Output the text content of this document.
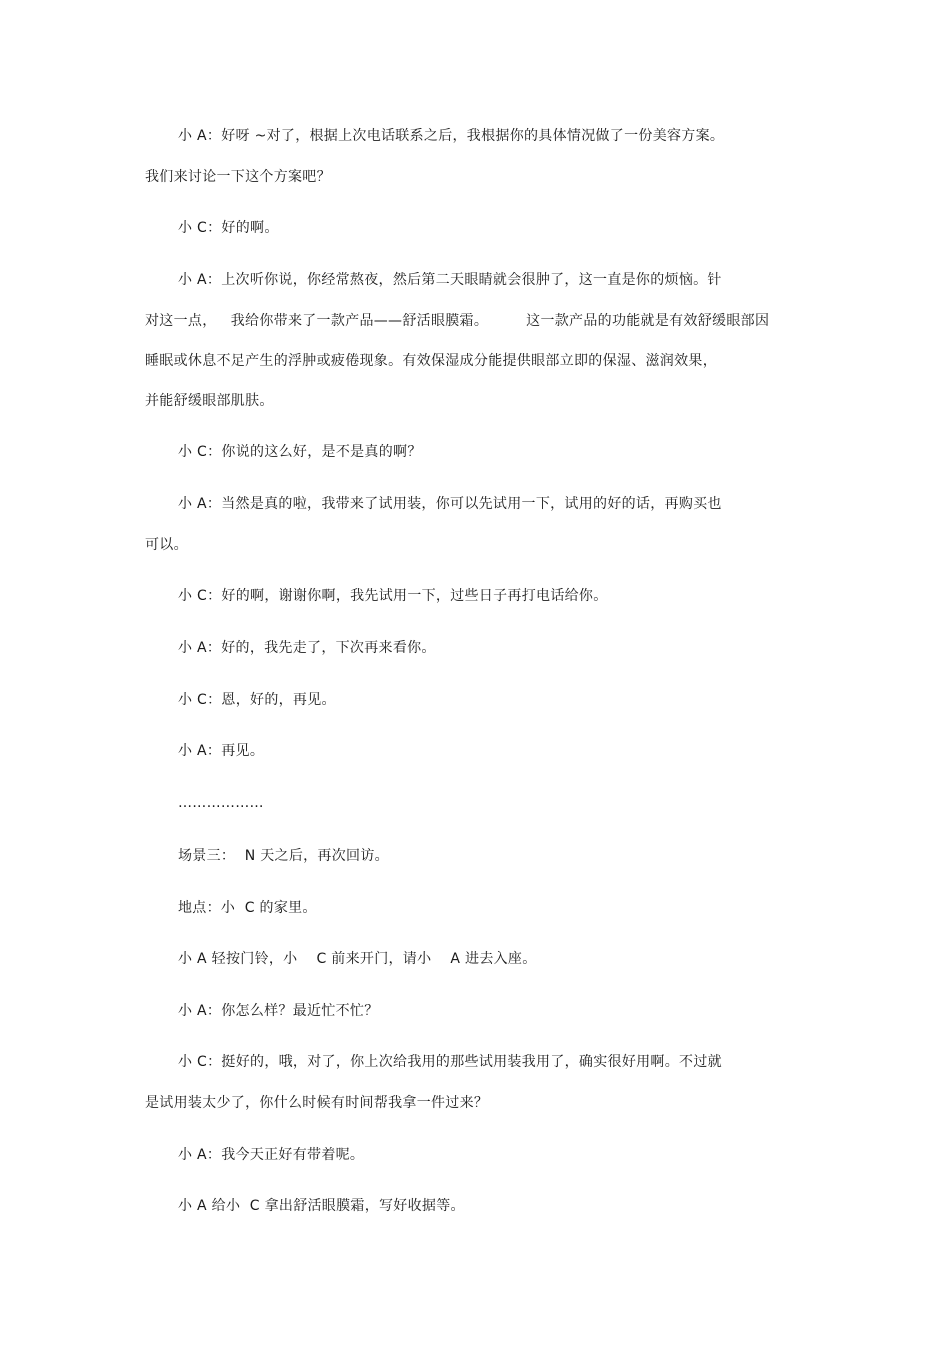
小 A：好呀 ~对了，根据上次电话联系之后，我根据你的具体情况做了一份美容方案。
我们来讨论一下这个方案吧？
小 C：好的啊。
小 A：上次听你说，你经常熬夜，然后第二天眼睛就会很肿了，这一直是你的烦恼。针
对这一点，   我给你带来了一款产品——舒活眼膜霜。        这一款产品的功能就是有效舒缓眼部因
睡眠或休息不足产生的浮肿或疲倦现象。有效保湿成分能提供眼部立即的保湿、滋润效果，
并能舒缓眼部肌肤。
小 C：你说的这么好，是不是真的啊？
小 A：当然是真的啦，我带来了试用装，你可以先试用一下，试用的好的话，再购买也
可以。
小 C：好的啊，谢谢你啊，我先试用一下，过些日子再打电话给你。
小 A：好的，我先走了，下次再来看你。
小 C：恩，好的，再见。
小 A：再见。
………………
场景三：  N 天之后，再次回访。
地点：小  C 的家里。
小 A 轻按门铃，小    C 前来开门，请小    A 进去入座。
小 A：你怎么样？最近忙不忙？
小 C：挺好的，哦，对了，你上次给我用的那些试用装我用了，确实很好用啊。不过就
是试用装太少了，你什么时候有时间帮我拿一件过来？
小 A：我今天正好有带着呢。
小 A 给小  C 拿出舒活眼膜霜，写好收据等。
